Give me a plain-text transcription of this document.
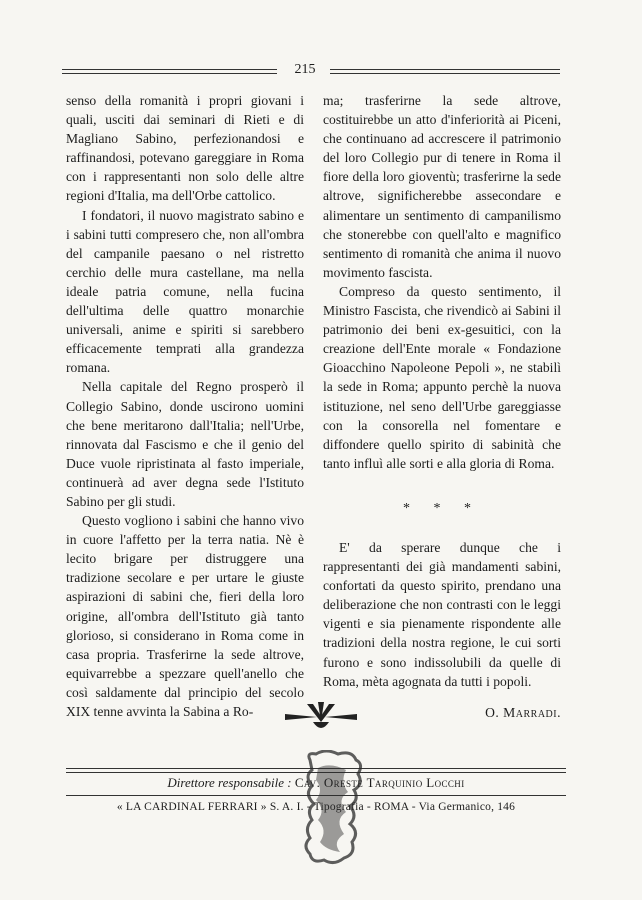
215

senso della romanità i propri giovani i quali, usciti dai seminari di Rieti e di Magliano Sabino, perfezionandosi e raffinandosi, potevano gareggiare in Roma con i rappresentanti non solo delle altre regioni d'Italia, ma dell'Orbe cattolico.

I fondatori, il nuovo magistrato sabino e i sabini tutti compresero che, non all'ombra del campanile paesano o nel ristretto cerchio delle mura castellane, ma nella ideale patria comune, nella fucina dell'ultima delle quattro monarchie universali, anime e spiriti si sarebbero efficacemente temprati alla grandezza romana.

Nella capitale del Regno prosperò il Collegio Sabino, donde uscirono uomini che bene meritarono dall'Italia; nell'Urbe, rinnovata dal Fascismo e che il genio del Duce vuole ripristinata al fasto imperiale, continuerà ad aver degna sede l'Istituto Sabino per gli studi.

Questo vogliono i sabini che hanno vivo in cuore l'affetto per la terra natia. Nè è lecito brigare per distruggere una tradizione secolare e per urtare le giuste aspirazioni di sabini che, fieri della loro origine, all'ombra dell'Istituto già tanto glorioso, si considerano in Roma come in casa propria. Trasferirne la sede altrove, equivarrebbe a spezzare quell'anello che così saldamente dal principio del secolo XIX tenne avvinta la Sabina a Ro-

ma; trasferirne la sede altrove, costituirebbe un atto d'inferiorità ai Piceni, che continuano ad accrescere il patrimonio del loro Collegio pur di tenere in Roma il fiore della loro gioventù; trasferirne la sede altrove, significherebbe assecondare e alimentare un sentimento di campanilismo che stonerebbe con quell'alto e magnifico sentimento di romanità che anima il nuovo movimento fascista.

Compreso da questo sentimento, il Ministro Fascista, che rivendicò ai Sabini il patrimonio dei beni ex-gesuitici, con la creazione dell'Ente morale « Fondazione Gioacchino Napoleone Pepoli », ne stabilì la sede in Roma; appunto perchè la nuova istituzione, nel seno dell'Urbe gareggiasse con la consorella nel fomentare e diffondere quello spirito di sabinità che tanto influì alle sorti e alla gloria di Roma.

* * *

E' da sperare dunque che i rappresentanti dei già mandamenti sabini, confortati da questo spirito, prendano una deliberazione che non contrasti con le leggi vigenti e sia pienamente rispondente alle tradizioni della nostra regione, le cui sorti furono e sono indissolubili da quelle di Roma, mèta agognata da tutti i popoli.

O. Marradi.
Direttore responsabile : Cav. Oreste Tarquinio Locchi
« LA CARDINAL FERRARI » S. A. I. - Tipografia - ROMA - Via Germanico, 146
